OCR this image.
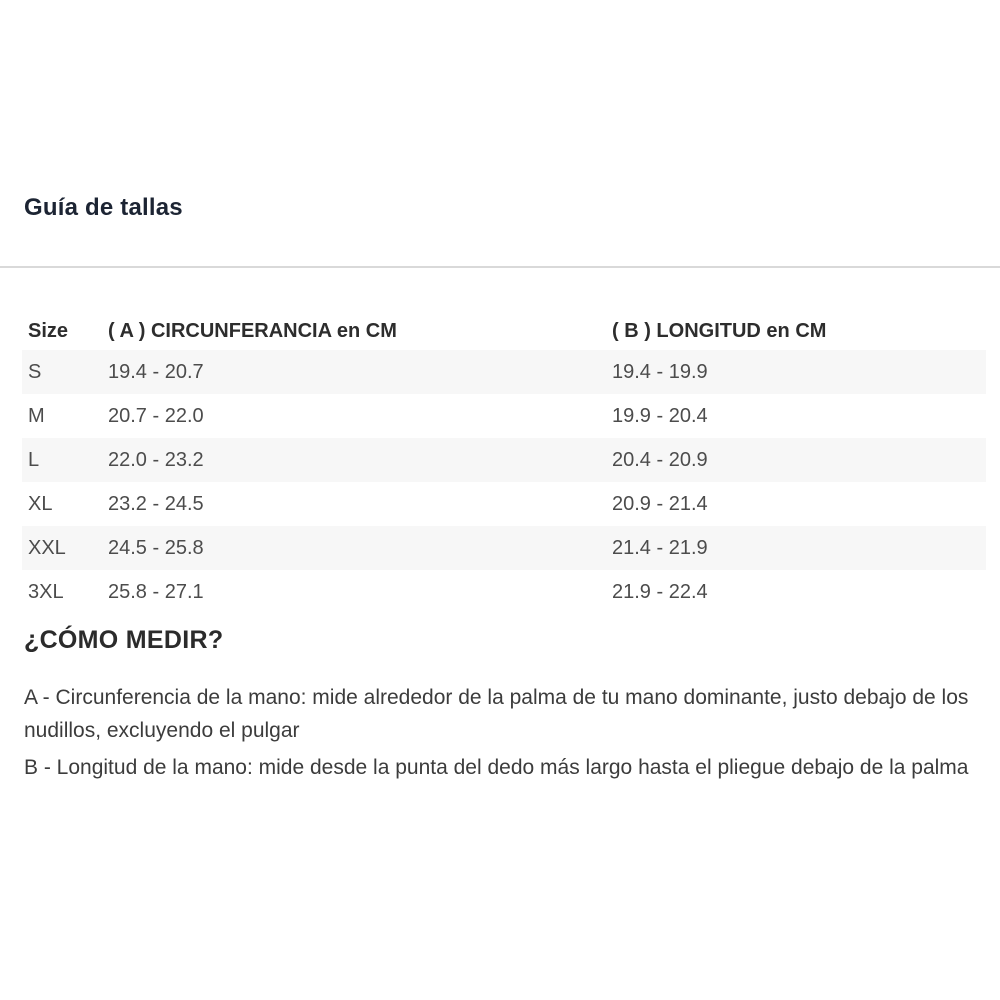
Guía de tallas
Size	( A ) CIRCUNFERANCIA en CM	( B ) LONGITUD en CM
S	19.4 - 20.7	19.4 - 19.9
M	20.7 - 22.0	19.9 - 20.4
L	22.0 - 23.2	20.4 - 20.9
XL	23.2 - 24.5	20.9 - 21.4
XXL	24.5 - 25.8	21.4 - 21.9
3XL	25.8 - 27.1	21.9 - 22.4
¿CÓMO MEDIR?

A - Circunferencia de la mano: mide alrededor de la palma de tu mano dominante, justo debajo de los nudillos, excluyendo el pulgar

B - Longitud de la mano: mide desde la punta del dedo más largo hasta el pliegue debajo de la palma
